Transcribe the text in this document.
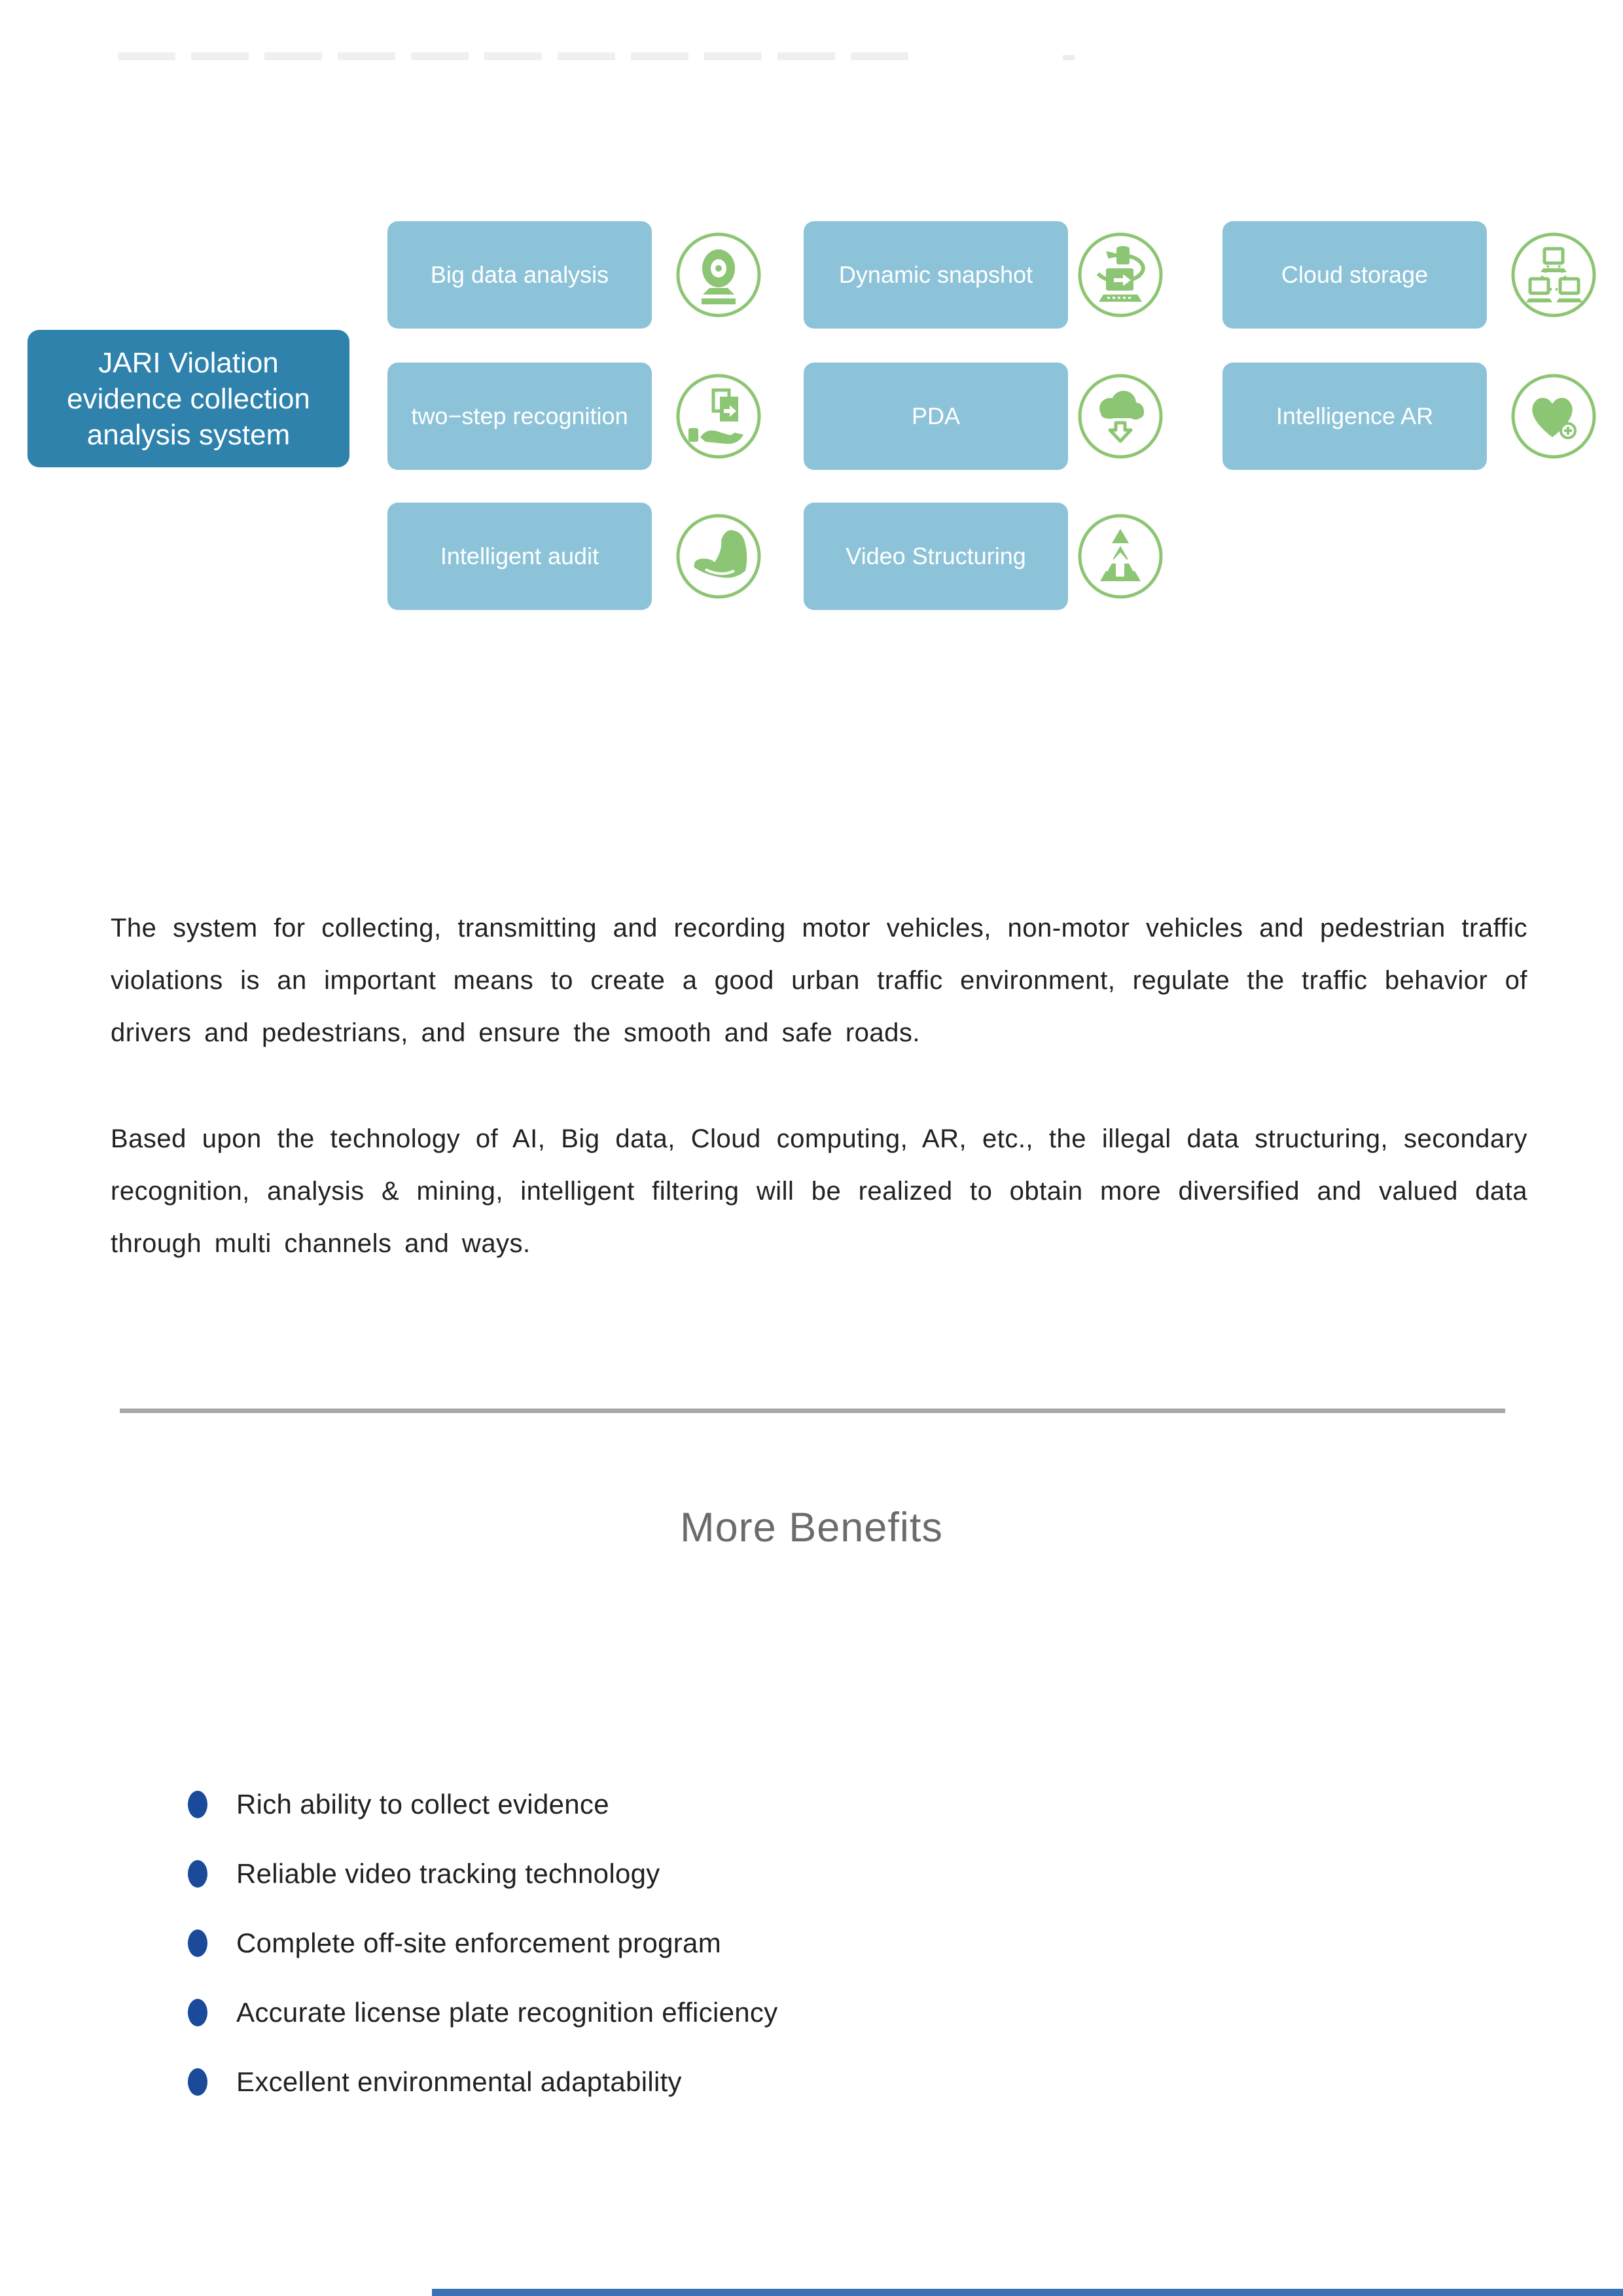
JARI Violation evidence collection analysis system
Big data analysis	Dynamic snapshot	Cloud storage
two−step recognition	PDA	Intelligence AR
Intelligent audit	Video Structuring

The system for collecting, transmitting and recording motor vehicles, non-motor vehicles and pedestrian traffic violations is an important means to create a good urban traffic environment, regulate the traffic behavior of drivers and pedestrians, and ensure the smooth and safe roads.

Based upon the technology of AI, Big data, Cloud computing, AR, etc., the illegal data structuring, secondary recognition, analysis & mining, intelligent filtering will be realized to obtain more diversified and valued data through multi channels and ways.

More Benefits
Rich ability to collect evidence
Reliable video tracking technology
Complete off-site enforcement program
Accurate license plate recognition efficiency
Excellent environmental adaptability
